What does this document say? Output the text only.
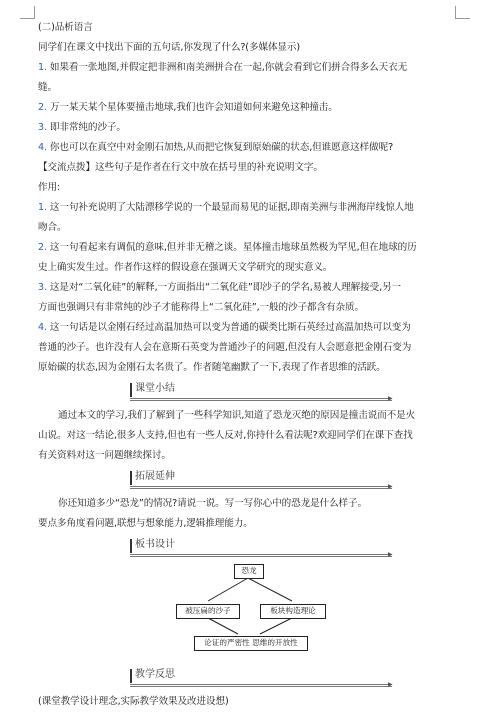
(二)品析语言
同学们在课文中找出下面的五句话,你发现了什么?(多媒体显示)
1. 如果看一张地图,并假定把非洲和南美洲拼合在一起,你就会看到它们拼合得多么天衣无
缝。
2. 万一某天某个星体要撞击地球,我们也许会知道如何来避免这种撞击。
3. 即非常纯的沙子。
4. 你也可以在真空中对金刚石加热,从而把它恢复到原始碳的状态,但谁愿意这样做呢?
【交流点拨】这些句子是作者在行文中放在括号里的补充说明文字。
作用:
1. 这一句补充说明了大陆漂移学说的一个最显而易见的证据,即南美洲与非洲海岸线惊人地
吻合。
2. 这一句看起来有调侃的意味,但并非无稽之谈。星体撞击地球虽然极为罕见,但在地球的历
史上确实发生过。作者作这样的假设意在强调天文学研究的现实意义。
3. 这是对“二氧化硅”的解释,一方面指出“二氧化硅”即沙子的学名,易被人理解接受,另一
方面也强调只有非常纯的沙子才能称得上“二氧化硅”,一般的沙子都含有杂质。
4. 这一句话是以金刚石经过高温加热可以变为普通的碳类比斯石英经过高温加热可以变为
普通的沙子。也许没有人会在意斯石英变为普通沙子的问题,但没有人会愿意把金刚石变为
原始碳的状态,因为金刚石太名贵了。作者随笔幽默了一下,表现了作者思维的活跃。
课堂小结
▶
通过本文的学习,我们了解到了一些科学知识,知道了恐龙灭绝的原因是撞击说而不是火
山说。对这一结论,很多人支持,但也有一些人反对,你持什么看法呢?欢迎同学们在课下查找
有关资料对这一问题继续探讨。
拓展延伸
▶
你还知道多少“恐龙”的情况?请说一说。写一写你心中的恐龙是什么样子。
要点多角度看问题,联想与想象能力,逻辑推理能力。
板书设计
▶
恐龙
被压扁的沙子	板块构造理论
论证的严密性 思维的开放性
教学反思
▶
(课堂教学设计理念,实际教学效果及改进设想)
